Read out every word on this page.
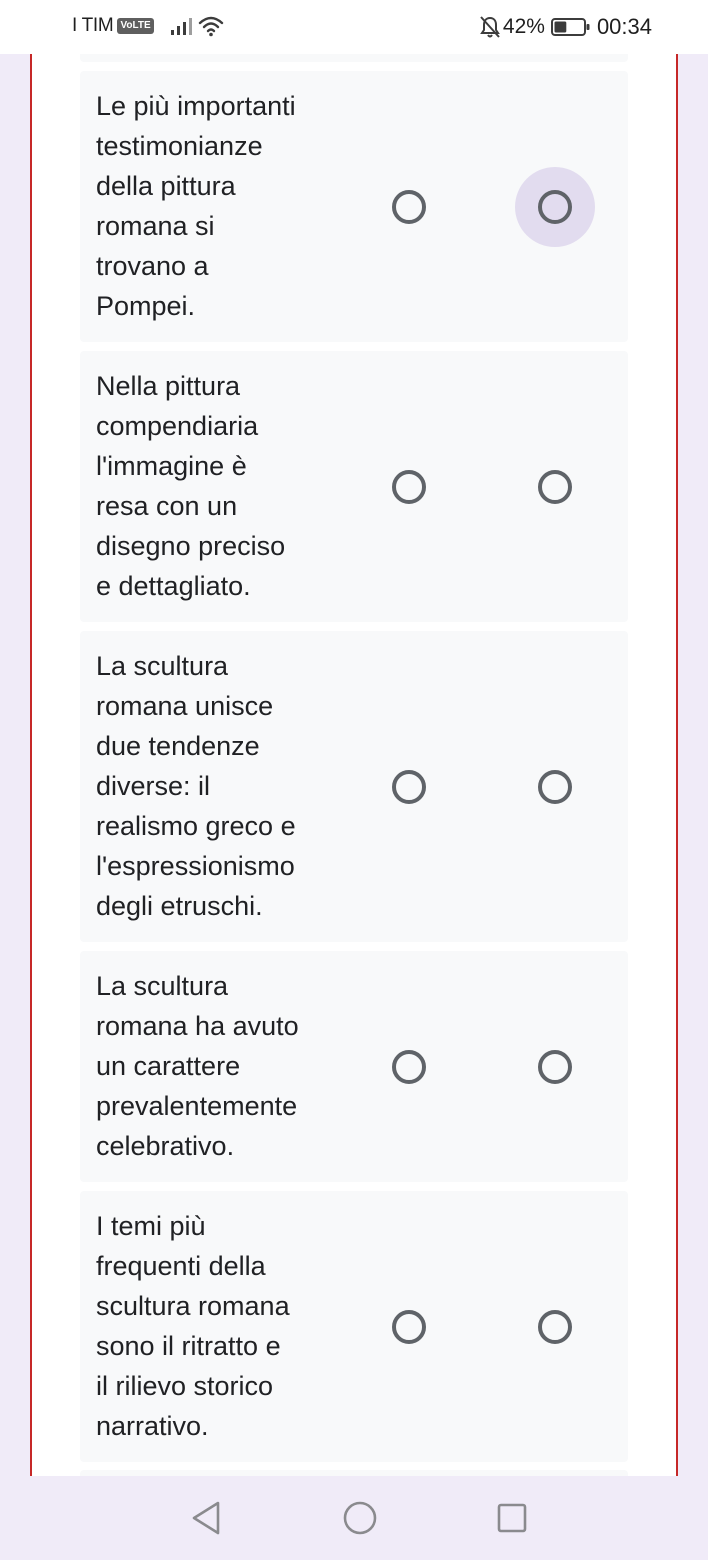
I TIM VoLTE	42% 00:34
Le più importanti
testimonianze
della pittura
romana si
trovano a
Pompei.
Nella pittura
compendiaria
l'immagine è
resa con un
disegno preciso
e dettagliato.
La scultura
romana unisce
due tendenze
diverse: il
realismo greco e
l'espressionismo
degli etruschi.
La scultura
romana ha avuto
un carattere
prevalentemente
celebrativo.
I temi più
frequenti della
scultura romana
sono il ritratto e
il rilievo storico
narrativo.
